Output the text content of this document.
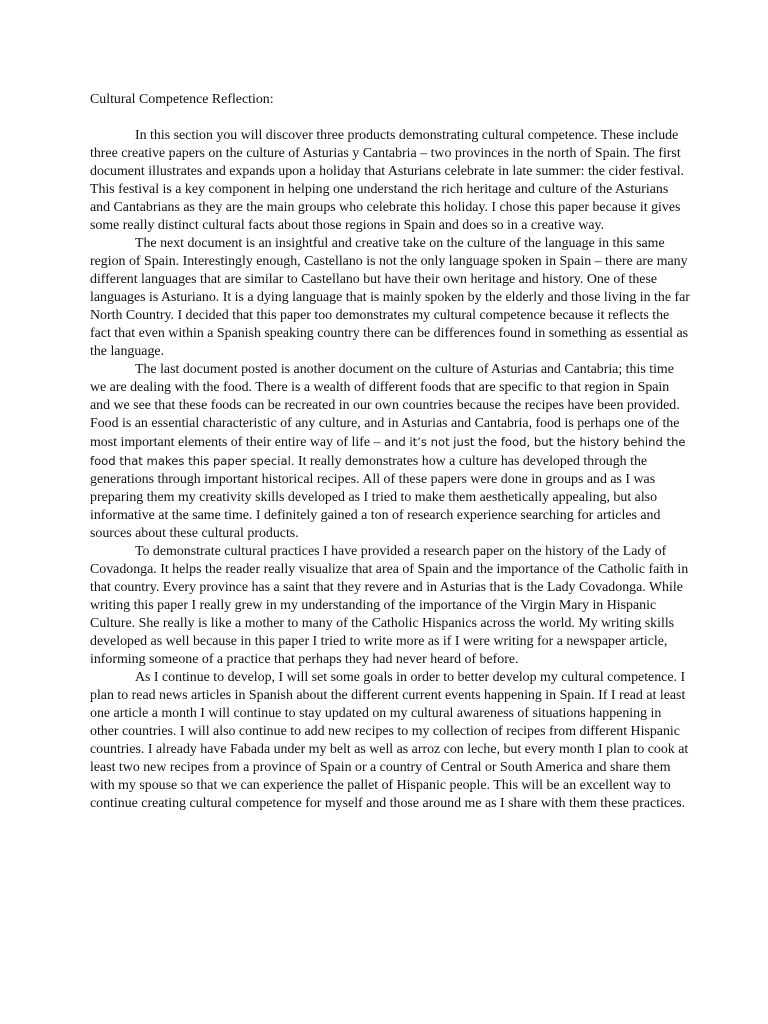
Cultural Competence Reflection:

In this section you will discover three products demonstrating cultural competence. These include three creative papers on the culture of Asturias y Cantabria – two provinces in the north of Spain. The first document illustrates and expands upon a holiday that Asturians celebrate in late summer: the cider festival. This festival is a key component in helping one understand the rich heritage and culture of the Asturians and Cantabrians as they are the main groups who celebrate this holiday. I chose this paper because it gives some really distinct cultural facts about those regions in Spain and does so in a creative way.

The next document is an insightful and creative take on the culture of the language in this same region of Spain. Interestingly enough, Castellano is not the only language spoken in Spain – there are many different languages that are similar to Castellano but have their own heritage and history. One of these languages is Asturiano. It is a dying language that is mainly spoken by the elderly and those living in the far North Country. I decided that this paper too demonstrates my cultural competence because it reflects the fact that even within a Spanish speaking country there can be differences found in something as essential as the language.

The last document posted is another document on the culture of Asturias and Cantabria; this time we are dealing with the food. There is a wealth of different foods that are specific to that region in Spain and we see that these foods can be recreated in our own countries because the recipes have been provided. Food is an essential characteristic of any culture, and in Asturias and Cantabria, food is perhaps one of the most important elements of their entire way of life – and it’s not just the food, but the history behind the food that makes this paper special. It really demonstrates how a culture has developed through the generations through important historical recipes. All of these papers were done in groups and as I was preparing them my creativity skills developed as I tried to make them aesthetically appealing, but also informative at the same time. I definitely gained a ton of research experience searching for articles and sources about these cultural products.

To demonstrate cultural practices I have provided a research paper on the history of the Lady of Covadonga. It helps the reader really visualize that area of Spain and the importance of the Catholic faith in that country. Every province has a saint that they revere and in Asturias that is the Lady Covadonga. While writing this paper I really grew in my understanding of the importance of the Virgin Mary in Hispanic Culture. She really is like a mother to many of the Catholic Hispanics across the world. My writing skills developed as well because in this paper I tried to write more as if I were writing for a newspaper article, informing someone of a practice that perhaps they had never heard of before.

As I continue to develop, I will set some goals in order to better develop my cultural competence. I plan to read news articles in Spanish about the different current events happening in Spain. If I read at least one article a month I will continue to stay updated on my cultural awareness of situations happening in other countries. I will also continue to add new recipes to my collection of recipes from different Hispanic countries. I already have Fabada under my belt as well as arroz con leche, but every month I plan to cook at least two new recipes from a province of Spain or a country of Central or South America and share them with my spouse so that we can experience the pallet of Hispanic people. This will be an excellent way to continue creating cultural competence for myself and those around me as I share with them these practices.
